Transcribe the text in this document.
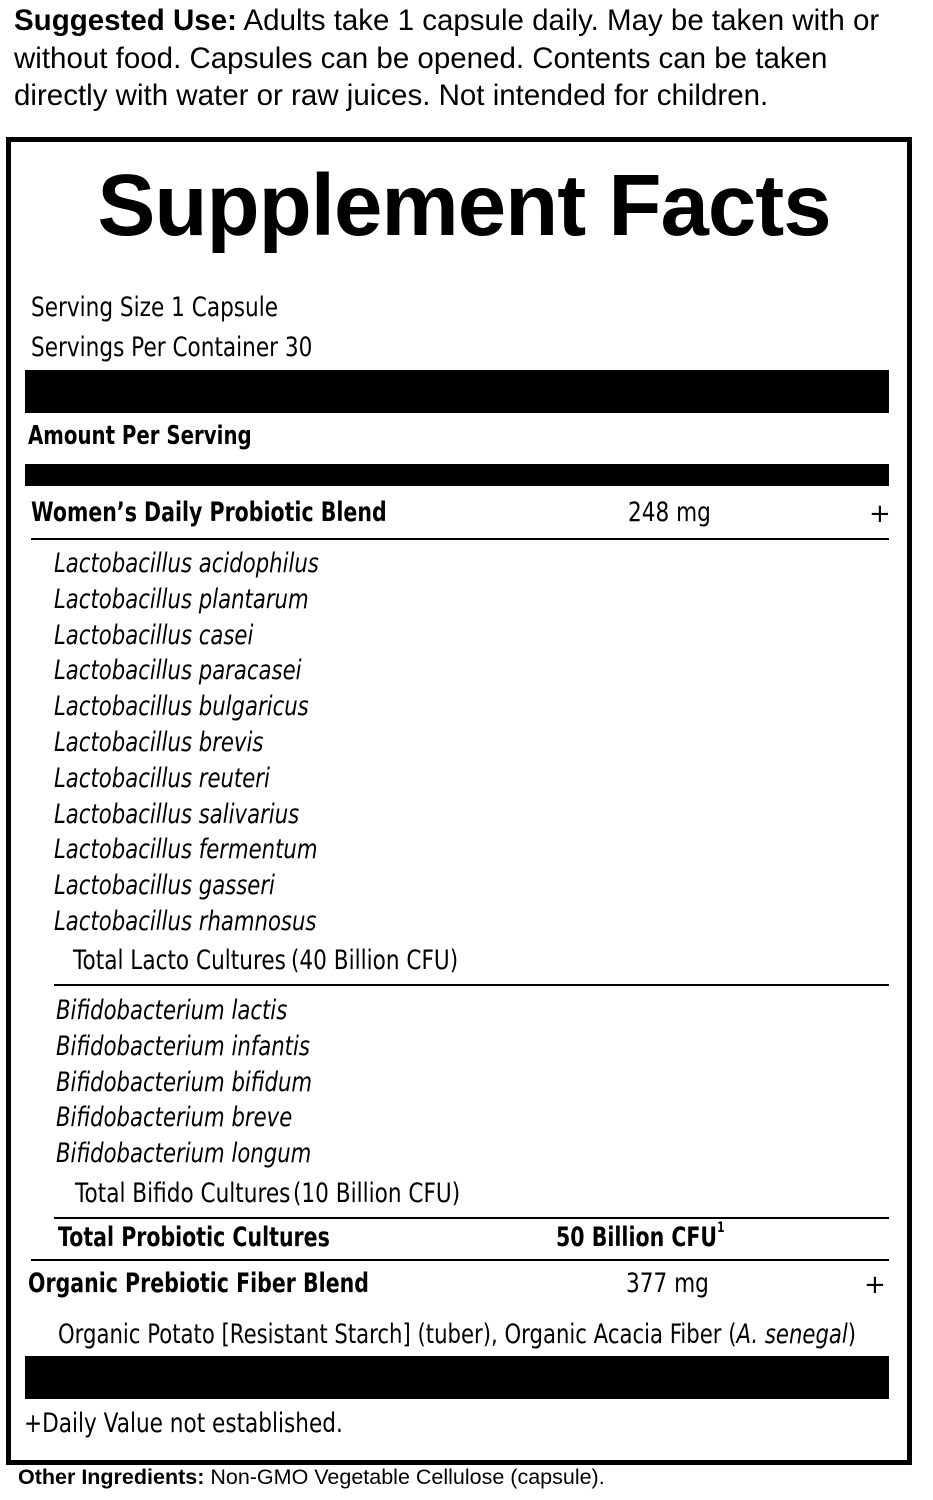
Suggested Use: Adults take 1 capsule daily. May be taken with or without food. Capsules can be opened. Contents can be taken directly with water or raw juices. Not intended for children.
Supplement Facts
Serving Size 1 Capsule
Servings Per Container 30
Amount Per Serving
Women’s Daily Probiotic Blend	248 mg	+
Lactobacillus acidophilus
Lactobacillus plantarum
Lactobacillus casei
Lactobacillus paracasei
Lactobacillus bulgaricus
Lactobacillus brevis
Lactobacillus reuteri
Lactobacillus salivarius
Lactobacillus fermentum
Lactobacillus gasseri
Lactobacillus rhamnosus
Total Lacto Cultures (40 Billion CFU)
Bifidobacterium lactis
Bifidobacterium infantis
Bifidobacterium bifidum
Bifidobacterium breve
Bifidobacterium longum
Total Bifido Cultures (10 Billion CFU)
Total Probiotic Cultures	50 Billion CFU$^1$
Organic Prebiotic Fiber Blend	377 mg	+
Organic Potato [Resistant Starch] (tuber), Organic Acacia Fiber (A. senegal)
+Daily Value not established.
Other Ingredients: Non-GMO Vegetable Cellulose (capsule).
